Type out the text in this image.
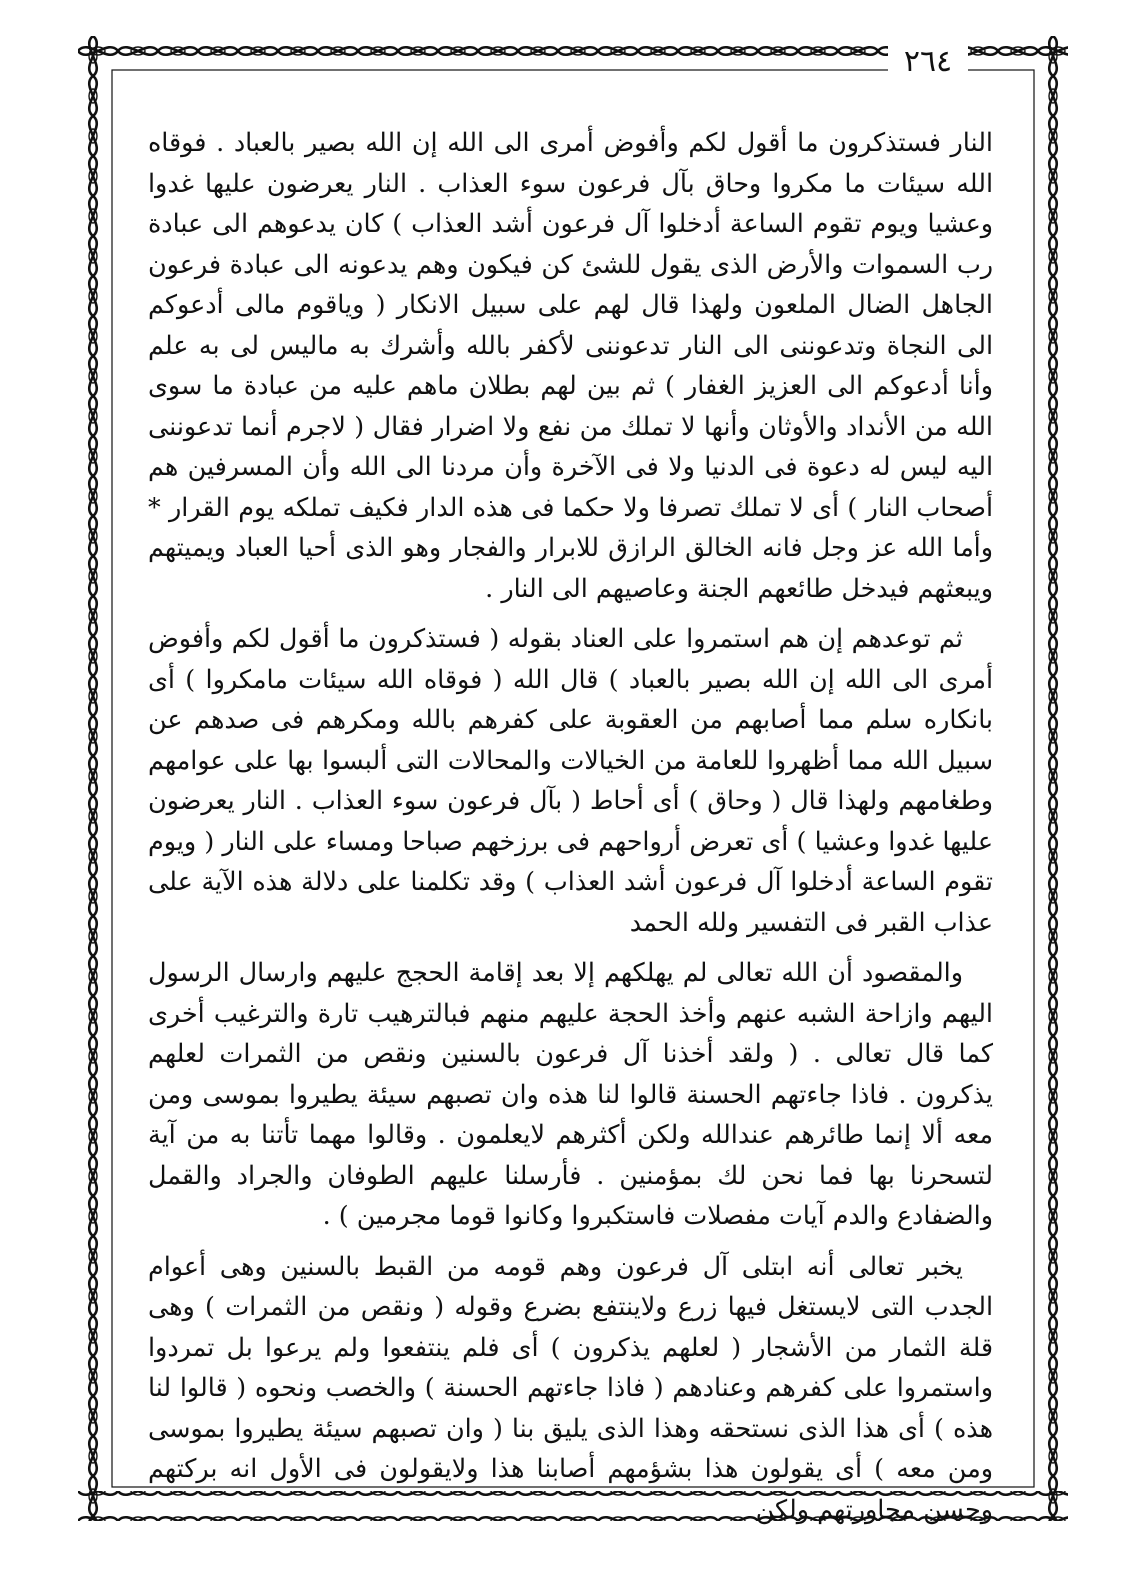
٢٦٤

النار فستذكرون ما أقول لكم وأفوض أمرى الى الله إن الله بصير بالعباد . فوقاه الله سيئات ما مكروا وحاق بآل فرعون سوء العذاب . النار يعرضون عليها غدوا وعشيا ويوم تقوم الساعة أدخلوا آل فرعون أشد العذاب ) كان يدعوهم الى عبادة رب السموات والأرض الذى يقول للشئ كن فيكون وهم يدعونه الى عبادة فرعون الجاهل الضال الملعون ولهذا قال لهم على سبيل الانكار ( وياقوم مالى أدعوكم الى النجاة وتدعوننى الى النار تدعوننى لأكفر بالله وأشرك به ماليس لى به علم وأنا أدعوكم الى العزيز الغفار ) ثم بين لهم بطلان ماهم عليه من عبادة ما سوى الله من الأنداد والأوثان وأنها لا تملك من نفع ولا اضرار فقال ( لاجرم أنما تدعوننى اليه ليس له دعوة فى الدنيا ولا فى الآخرة وأن مردنا الى الله وأن المسرفين هم أصحاب النار ) أى لا تملك تصرفا ولا حكما فى هذه الدار فكيف تملكه يوم القرار * وأما الله عز وجل فانه الخالق الرازق للابرار والفجار وهو الذى أحيا العباد ويميتهم ويبعثهم فيدخل طائعهم الجنة وعاصيهم الى النار .

ثم توعدهم إن هم استمروا على العناد بقوله ( فستذكرون ما أقول لكم وأفوض أمرى الى الله إن الله بصير بالعباد ) قال الله ( فوقاه الله سيئات مامكروا ) أى بانكاره سلم مما أصابهم من العقوبة على كفرهم بالله ومكرهم فى صدهم عن سبيل الله مما أظهروا للعامة من الخيالات والمحالات التى ألبسوا بها على عوامهم وطغامهم ولهذا قال ( وحاق ) أى أحاط ( بآل فرعون سوء العذاب . النار يعرضون عليها غدوا وعشيا ) أى تعرض أرواحهم فى برزخهم صباحا ومساء على النار ( ويوم تقوم الساعة أدخلوا آل فرعون أشد العذاب ) وقد تكلمنا على دلالة هذه الآية على عذاب القبر فى التفسير ولله الحمد

والمقصود أن الله تعالى لم يهلكهم إلا بعد إقامة الحجج عليهم وارسال الرسول اليهم وازاحة الشبه عنهم وأخذ الحجة عليهم منهم فبالترهيب تارة والترغيب أخرى كما قال تعالى . ( ولقد أخذنا آل فرعون بالسنين ونقص من الثمرات لعلهم يذكرون . فاذا جاءتهم الحسنة قالوا لنا هذه وان تصبهم سيئة يطيروا بموسى ومن معه ألا إنما طائرهم عندالله ولكن أكثرهم لايعلمون . وقالوا مهما تأتنا به من آية لتسحرنا بها فما نحن لك بمؤمنين . فأرسلنا عليهم الطوفان والجراد والقمل والضفادع والدم آيات مفصلات فاستكبروا وكانوا قوما مجرمين ) .

يخبر تعالى أنه ابتلى آل فرعون وهم قومه من القبط بالسنين وهى أعوام الجدب التى لايستغل فيها زرع ولاينتفع بضرع وقوله ( ونقص من الثمرات ) وهى قلة الثمار من الأشجار ( لعلهم يذكرون ) أى فلم ينتفعوا ولم يرعوا بل تمردوا واستمروا على كفرهم وعنادهم ( فاذا جاءتهم الحسنة ) والخصب ونحوه ( قالوا لنا هذه ) أى هذا الذى نستحقه وهذا الذى يليق بنا ( وان تصبهم سيئة يطيروا بموسى ومن معه ) أى يقولون هذا بشؤمهم أصابنا هذا ولايقولون فى الأول انه بركتهم وحسن مجاورتهم ولكن
